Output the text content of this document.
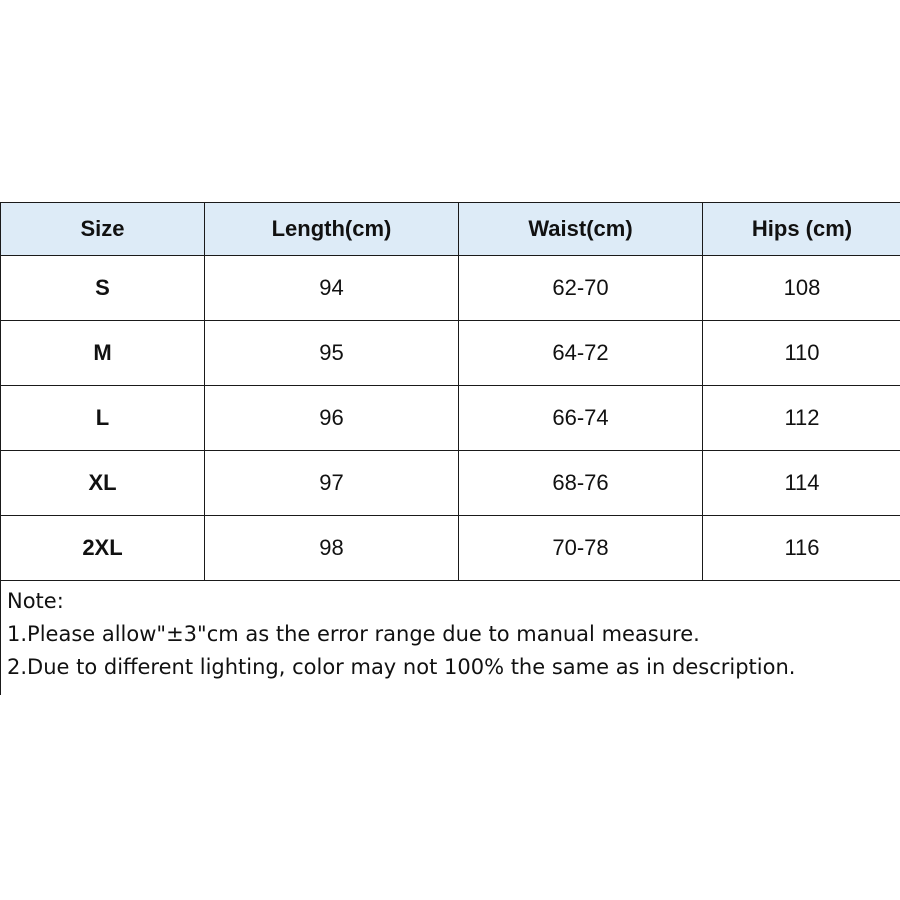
Size	Length(cm)	Waist(cm)	Hips (cm)
S	94	62-70	108
M	95	64-72	110
L	96	66-74	112
XL	97	68-76	114
2XL	98	70-78	116
Note:
1.Please allow"±3"cm as the error range due to manual measure.
2.Due to different lighting, color may not 100% the same as in description.
